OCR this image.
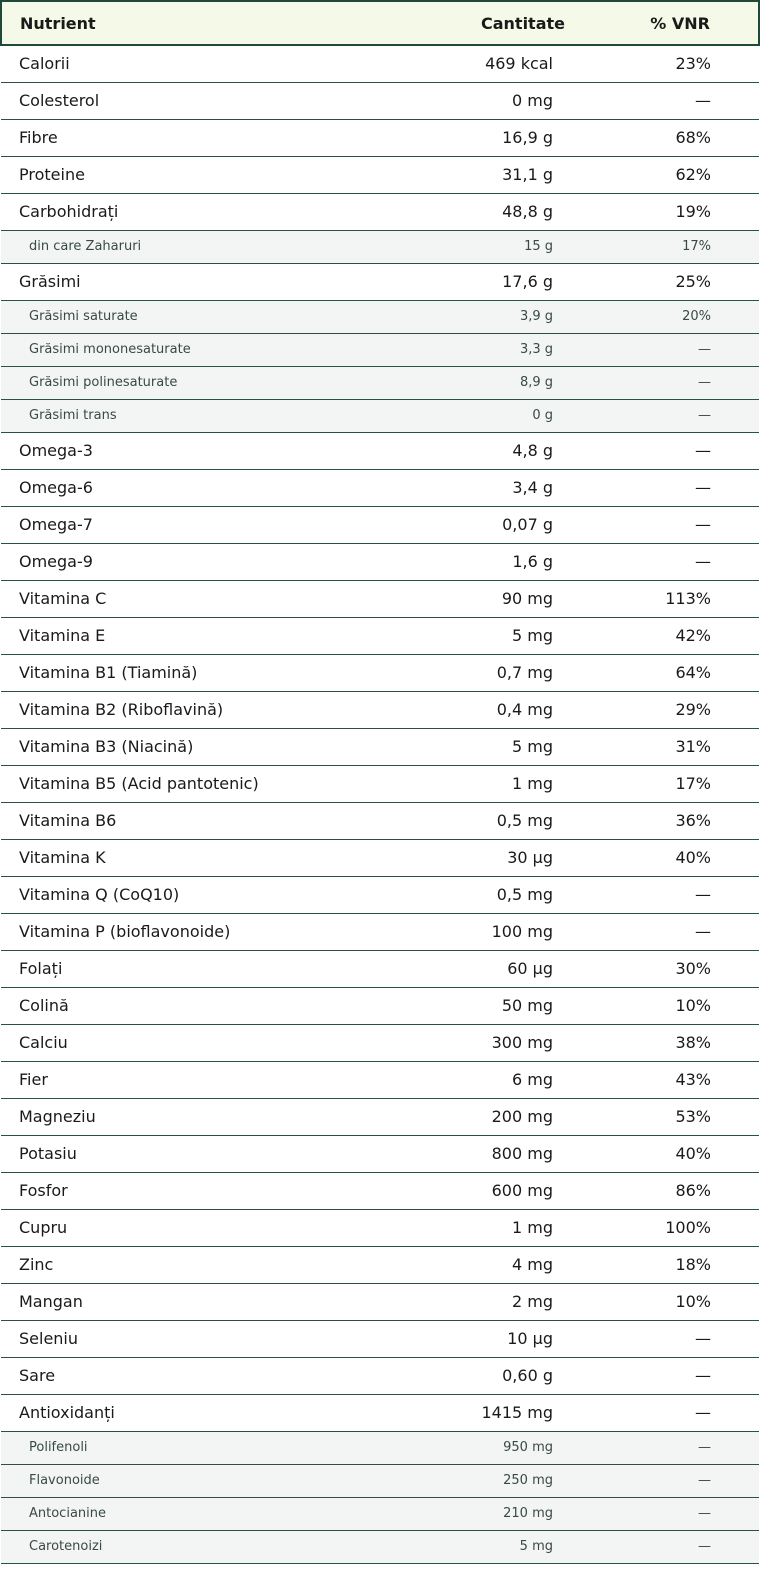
Nutrient	Cantitate	% VNR
Calorii	469 kcal	23%
Colesterol	0 mg	—
Fibre	16,9 g	68%
Proteine	31,1 g	62%
Carbohidrați	48,8 g	19%
din care Zaharuri	15 g	17%
Grăsimi	17,6 g	25%
Grăsimi saturate	3,9 g	20%
Grăsimi mononesaturate	3,3 g	—
Grăsimi polinesaturate	8,9 g	—
Grăsimi trans	0 g	—
Omega-3	4,8 g	—
Omega-6	3,4 g	—
Omega-7	0,07 g	—
Omega-9	1,6 g	—
Vitamina C	90 mg	113%
Vitamina E	5 mg	42%
Vitamina B1 (Tiamină)	0,7 mg	64%
Vitamina B2 (Riboflavină)	0,4 mg	29%
Vitamina B3 (Niacină)	5 mg	31%
Vitamina B5 (Acid pantotenic)	1 mg	17%
Vitamina B6	0,5 mg	36%
Vitamina K	30 µg	40%
Vitamina Q (CoQ10)	0,5 mg	—
Vitamina P (bioflavonoide)	100 mg	—
Folați	60 µg	30%
Colină	50 mg	10%
Calciu	300 mg	38%
Fier	6 mg	43%
Magneziu	200 mg	53%
Potasiu	800 mg	40%
Fosfor	600 mg	86%
Cupru	1 mg	100%
Zinc	4 mg	18%
Mangan	2 mg	10%
Seleniu	10 µg	—
Sare	0,60 g	—
Antioxidanți	1415 mg	—
Polifenoli	950 mg	—
Flavonoide	250 mg	—
Antocianine	210 mg	—
Carotenoizi	5 mg	—
